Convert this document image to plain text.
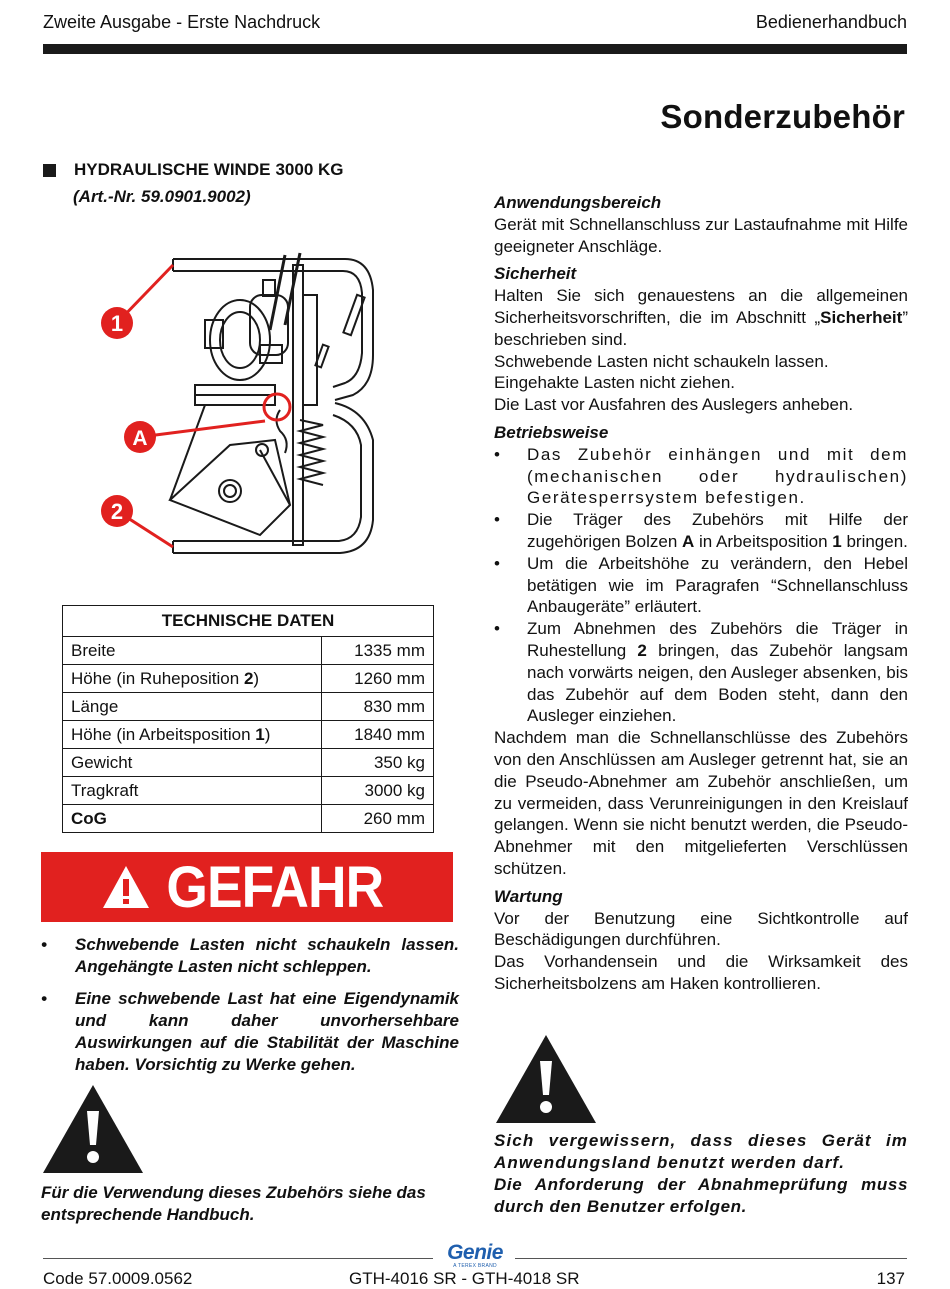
Zweite Ausgabe - Erste Nachdruck	Bedienerhandbuch
Sonderzubehör
HYDRAULISCHE WINDE 3000 KG
(Art.-Nr. 59.0901.9002)
1
A
2
TECHNISCHE DATEN	
Breite	1335 mm
Höhe (in Ruheposition 2)	1260 mm
Länge	830 mm
Höhe (in Arbeitsposition 1)	1840 mm
Gewicht	350 kg
Tragkraft	3000 kg
CoG	260 mm
GEFAHR
•	Schwebende Lasten nicht schaukeln lassen. Angehängte Lasten nicht schleppen.
•	Eine schwebende Last hat eine Eigendynamik und kann daher unvorhersehbare Auswirkungen auf die Stabilität der Maschine haben. Vorsichtig zu Werke gehen.
Für die Verwendung dieses Zubehörs siehe das entsprechende Handbuch.
Anwendungsbereich
Gerät mit Schnellanschluss zur Lastaufnahme mit Hilfe geeigneter Anschläge.
Sicherheit
Halten Sie sich genauestens an die allgemeinen Sicherheitsvorschriften, die im Abschnitt „Sicherheit” beschrieben sind.
Schwebende Lasten nicht schaukeln lassen.
Eingehakte Lasten nicht ziehen.
Die Last vor Ausfahren des Auslegers anheben.
Betriebsweise
•	Das Zubehör einhängen und mit dem (mechanischen oder hydraulischen) Gerätesperrsystem befestigen.
•	Die Träger des Zubehörs mit Hilfe der zugehörigen Bolzen A in Arbeitsposition 1 bringen.
•	Um die Arbeitshöhe zu verändern, den Hebel betätigen wie im Paragrafen “Schnellanschluss Anbaugeräte” erläutert.
•	Zum Abnehmen des Zubehörs die Träger in Ruhestellung 2 bringen, das Zubehör langsam nach vorwärts neigen, den Ausleger absenken, bis das Zubehör auf dem Boden steht, dann den Ausleger einziehen.
Nachdem man die Schnellanschlüsse des Zubehörs von den Anschlüssen am Ausleger getrennt hat, sie an die Pseudo-Abnehmer am Zubehör anschließen, um zu vermeiden, dass Verunreinigungen in den Kreislauf gelangen. Wenn sie nicht benutzt werden, die Pseudo-Abnehmer mit den mitgelieferten Verschlüssen schützen.
Wartung
Vor der Benutzung eine Sichtkontrolle auf Beschädigungen durchführen.
Das Vorhandensein und die Wirksamkeit des Sicherheitsbolzens am Haken kontrollieren.
Sich vergewissern, dass dieses Gerät im Anwendungsland benutzt werden darf.
Die Anforderung der Abnahmeprüfung muss durch den Benutzer erfolgen.
Genie
A TEREX BRAND
Code 57.0009.0562	GTH-4016 SR - GTH-4018 SR	137
